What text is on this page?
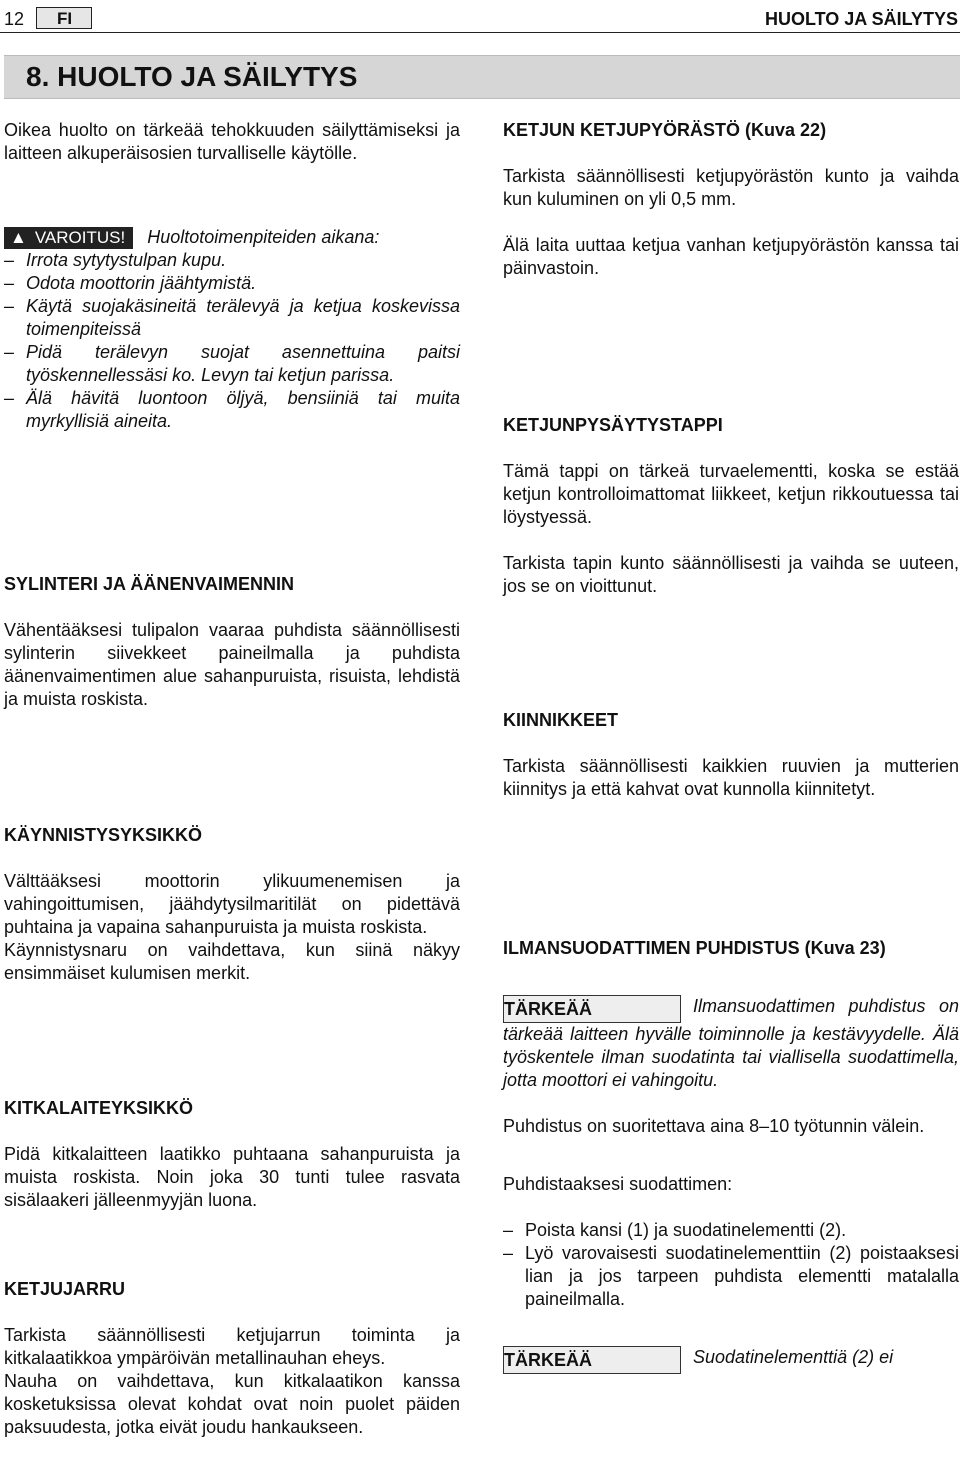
12	FI	HUOLTO JA SÄILYTYS
8. HUOLTO JA SÄILYTYS

Oikea huolto on tärkeää tehokkuuden säilyttämiseksi ja laitteen alkuperäisosien turvalliselle käytölle.

▲ VAROITUS! Huoltotoimenpiteiden aikana:

– Irrota sytytystulpan kupu.
– Odota moottorin jäähtymistä.
– Käytä suojakäsineitä terälevyä ja ketjua koskevissa toimenpiteissä
– Pidä terälevyn suojat asennettuina paitsi työskennellessäsi ko. Levyn tai ketjun parissa.
– Älä hävitä luontoon öljyä, bensiiniä tai muita myrkyllisiä aineita.

SYLINTERI JA ÄÄNENVAIMENNIN

Vähentääksesi tulipalon vaaraa puhdista säännöllisesti sylinterin siivekkeet paineilmalla ja puhdista äänenvaimentimen alue sahanpuruista, risuista, lehdistä ja muista roskista.

KÄYNNISTYSYKSIKKÖ

Välttääksesi moottorin ylikuumenemisen ja vahingoittumisen, jäähdytysilmaritilät on pidettävä puhtaina ja vapaina sahanpuruista ja muista roskista.

Käynnistysnaru on vaihdettava, kun siinä näkyy ensimmäiset kulumisen merkit.

KITKALAITEYKSIKKÖ

Pidä kitkalaitteen laatikko puhtaana sahanpuruista ja muista roskista. Noin joka 30 tunti tulee rasvata sisälaakeri jälleenmyyjän luona.

KETJUJARRU

Tarkista säännöllisesti ketjujarrun toiminta ja kitkalaatikkoa ympäröivän metallinauhan eheys.

Nauha on vaihdettava, kun kitkalaatikon kanssa kosketuksissa olevat kohdat ovat noin puolet päiden paksuudesta, jotka eivät joudu hankaukseen.

KETJUN KETJUPYÖRÄSTÖ (Kuva 22)

Tarkista säännöllisesti ketjupyörästön kunto ja vaihda kun kuluminen on yli 0,5 mm.

Älä laita uuttaa ketjua vanhan ketjupyörästön kanssa tai päinvastoin.

KETJUNPYSÄYTYSTAPPI

Tämä tappi on tärkeä turvaelementti, koska se estää ketjun kontrolloimattomat liikkeet, ketjun rikkoutuessa tai löystyessä.

Tarkista tapin kunto säännöllisesti ja vaihda se uuteen, jos se on vioittunut.

KIINNIKKEET

Tarkista säännöllisesti kaikkien ruuvien ja mutterien kiinnitys ja että kahvat ovat kunnolla kiinnitetyt.

ILMANSUODATTIMEN PUHDISTUS (Kuva 23)

TÄRKEÄÄ	Ilmansuodattimen puhdistus on tärkeää laitteen hyvälle toiminnolle ja kestävyydelle. Älä työskentele ilman suodatinta tai viallisella suodattimella, jotta moottori ei vahingoitu.

Puhdistus on suoritettava aina 8–10 työtunnin välein.

Puhdistaaksesi suodattimen:

– Poista kansi (1) ja suodatinelementti (2).
– Lyö varovaisesti suodatinelementtiin (2) poistaaksesi lian ja jos tarpeen puhdista elementti matalalla paineilmalla.

TÄRKEÄÄ	Suodatinelementtiä (2) ei
